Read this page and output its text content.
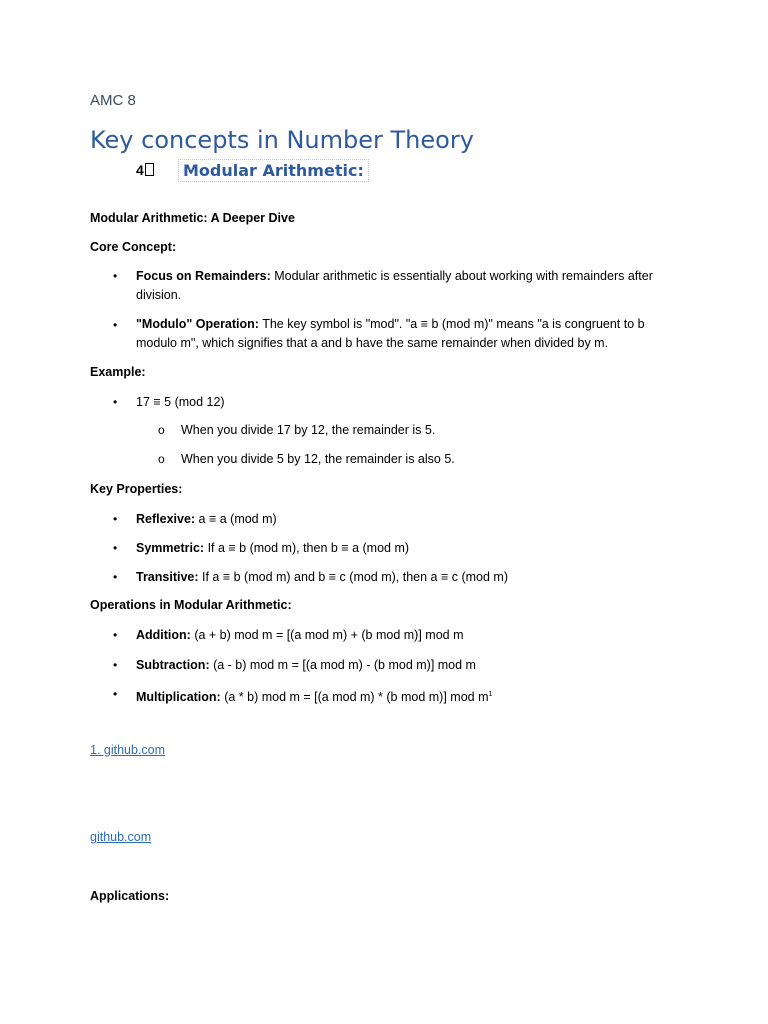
AMC 8
Key concepts in Number Theory
4	Modular Arithmetic:
Modular Arithmetic: A Deeper Dive
Core Concept:
• Focus on Remainders: Modular arithmetic is essentially about working with remainders after division.
• "Modulo" Operation: The key symbol is "mod". "a ≡ b (mod m)" means "a is congruent to b modulo m", which signifies that a and b have the same remainder when divided by m.
Example:
• 17 ≡ 5 (mod 12)
o When you divide 17 by 12, the remainder is 5.
o When you divide 5 by 12, the remainder is also 5.
Key Properties:
• Reflexive: a ≡ a (mod m)
• Symmetric: If a ≡ b (mod m), then b ≡ a (mod m)
• Transitive: If a ≡ b (mod m) and b ≡ c (mod m), then a ≡ c (mod m)
Operations in Modular Arithmetic:
• Addition: (a + b) mod m = [(a mod m) + (b mod m)] mod m
• Subtraction: (a - b) mod m = [(a mod m) - (b mod m)] mod m
• Multiplication: (a * b) mod m = [(a mod m) * (b mod m)] mod $m^1$
1. github.com
github.com
Applications:
